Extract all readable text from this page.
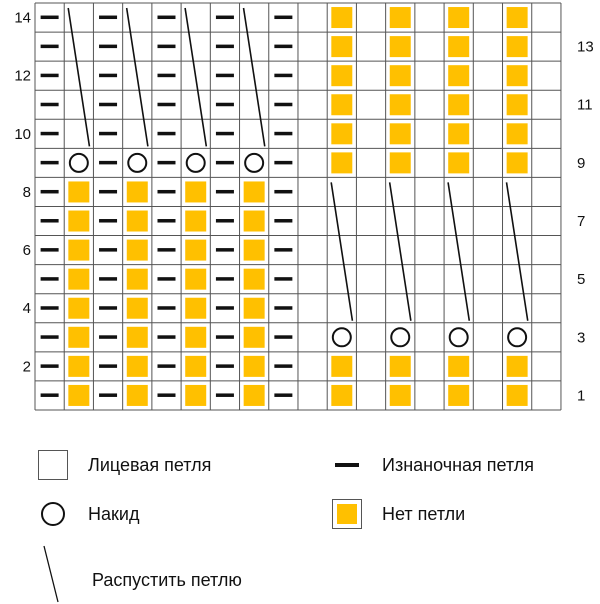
2
4
6
8
10
12
14
1
3
5
7
9
11
13
Лицевая петля	Изнаночная петля
Накид	Нет петли
Распустить петлю
